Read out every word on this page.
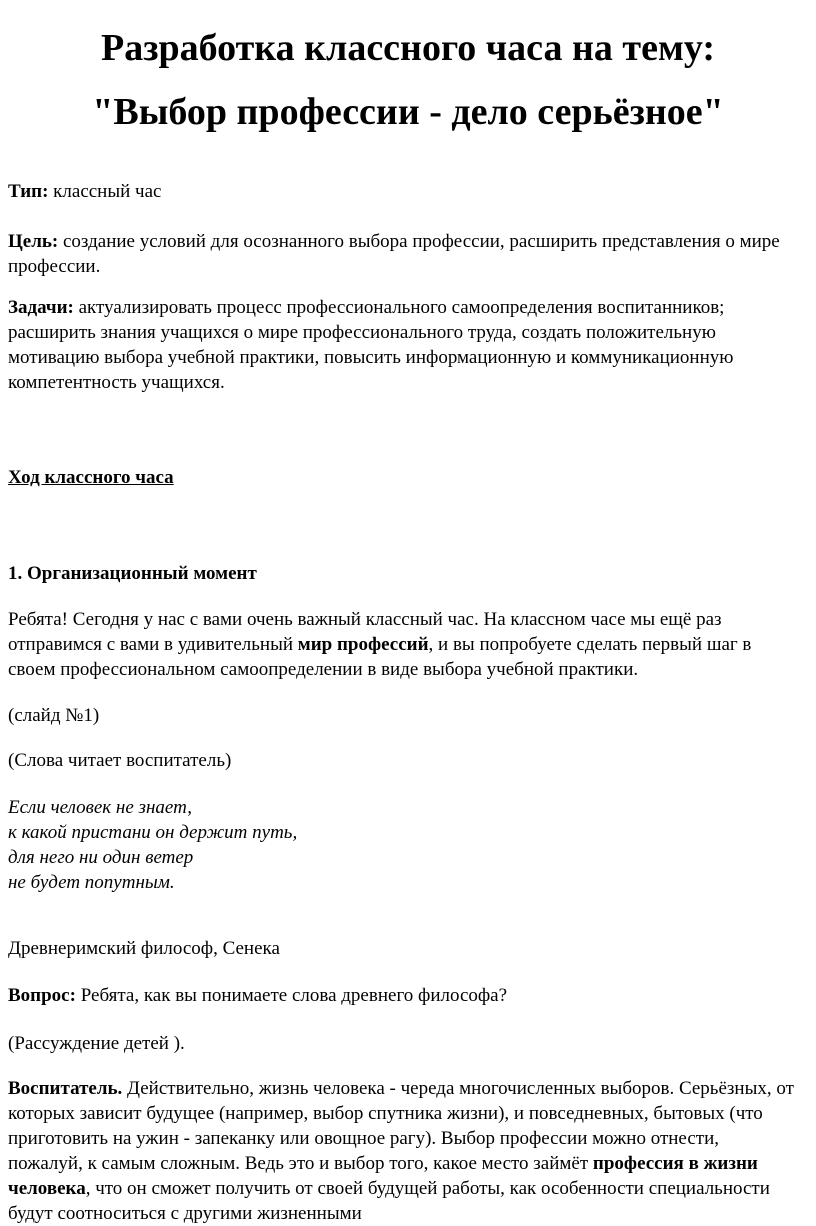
Разработка классного часа на тему:
"Выбор профессии - дело серьёзное"

Тип: классный час

Цель: создание условий для осознанного выбора профессии, расширить представления о мире профессии.

Задачи: актуализировать процесс профессионального самоопределения воспитанников; расширить знания учащихся о мире профессионального труда, создать положительную мотивацию выбора учебной практики, повысить информационную и коммуникационную компетентность учащихся.

Ход классного часа

1. Организационный момент

Ребята! Сегодня у нас с вами очень важный классный час. На классном часе мы ещё раз отправимся с вами в удивительный мир профессий, и вы попробуете сделать первый шаг в своем профессиональном самоопределении в виде выбора учебной практики.

(слайд №1)

(Слова читает воспитатель)

Если человек не знает,
к какой пристани он держит путь,
для него ни один ветер
не будет попутным.

Древнеримский философ, Сенека

Вопрос: Ребята, как вы понимаете слова древнего философа?

(Рассуждение детей ).

Воспитатель. Действительно, жизнь человека - череда многочисленных выборов. Серьёзных, от которых зависит будущее (например, выбор спутника жизни), и повседневных, бытовых (что приготовить на ужин - запеканку или овощное рагу). Выбор профессии можно отнести, пожалуй, к самым сложным. Ведь это и выбор того, какое место займёт профессия в жизни человека, что он сможет получить от своей будущей работы, как особенности специальности будут соотноситься с другими жизненными
